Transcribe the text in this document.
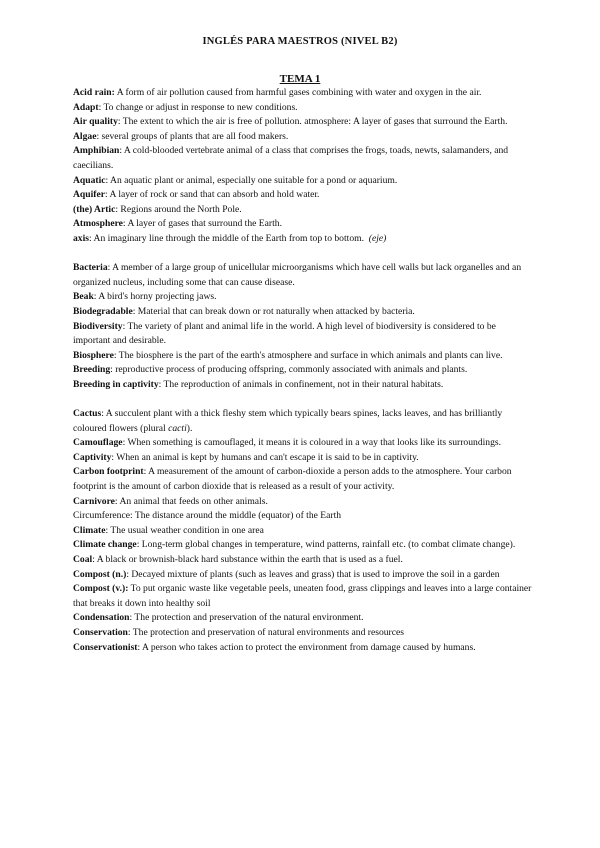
INGLÉS PARA MAESTROS (NIVEL B2)
TEMA 1

Acid rain: A form of air pollution caused from harmful gases combining with water and oxygen in the air.

Adapt: To change or adjust in response to new conditions.

Air quality: The extent to which the air is free of pollution. atmosphere: A layer of gases that surround the Earth.

Algae: several groups of plants that are all food makers.

Amphibian: A cold-blooded vertebrate animal of a class that comprises the frogs, toads, newts, salamanders, and caecilians.

Aquatic: An aquatic plant or animal, especially one suitable for a pond or aquarium.

Aquifer: A layer of rock or sand that can absorb and hold water.

(the) Artic: Regions around the North Pole.

Atmosphere: A layer of gases that surround the Earth.

axis: An imaginary line through the middle of the Earth from top to bottom. (eje)

Bacteria: A member of a large group of unicellular microorganisms which have cell walls but lack organelles and an organized nucleus, including some that can cause disease.

Beak: A bird's horny projecting jaws.

Biodegradable: Material that can break down or rot naturally when attacked by bacteria.

Biodiversity: The variety of plant and animal life in the world. A high level of biodiversity is considered to be important and desirable.

Biosphere: The biosphere is the part of the earth's atmosphere and surface in which animals and plants can live.

Breeding: reproductive process of producing offspring, commonly associated with animals and plants.

Breeding in captivity: The reproduction of animals in confinement, not in their natural habitats.

Cactus: A succulent plant with a thick fleshy stem which typically bears spines, lacks leaves, and has brilliantly coloured flowers (plural cacti).

Camouflage: When something is camouflaged, it means it is coloured in a way that looks like its surroundings.

Captivity: When an animal is kept by humans and can't escape it is said to be in captivity.

Carbon footprint: A measurement of the amount of carbon-dioxide a person adds to the atmosphere. Your carbon footprint is the amount of carbon dioxide that is released as a result of your activity.

Carnivore: An animal that feeds on other animals.

Circumference: The distance around the middle (equator) of the Earth

Climate: The usual weather condition in one area

Climate change: Long-term global changes in temperature, wind patterns, rainfall etc. (to combat climate change).

Coal: A black or brownish-black hard substance within the earth that is used as a fuel.

Compost (n.): Decayed mixture of plants (such as leaves and grass) that is used to improve the soil in a garden

Compost (v.): To put organic waste like vegetable peels, uneaten food, grass clippings and leaves into a large container that breaks it down into healthy soil

Condensation: The protection and preservation of the natural environment.

Conservation: The protection and preservation of natural environments and resources

Conservationist: A person who takes action to protect the environment from damage caused by humans.
